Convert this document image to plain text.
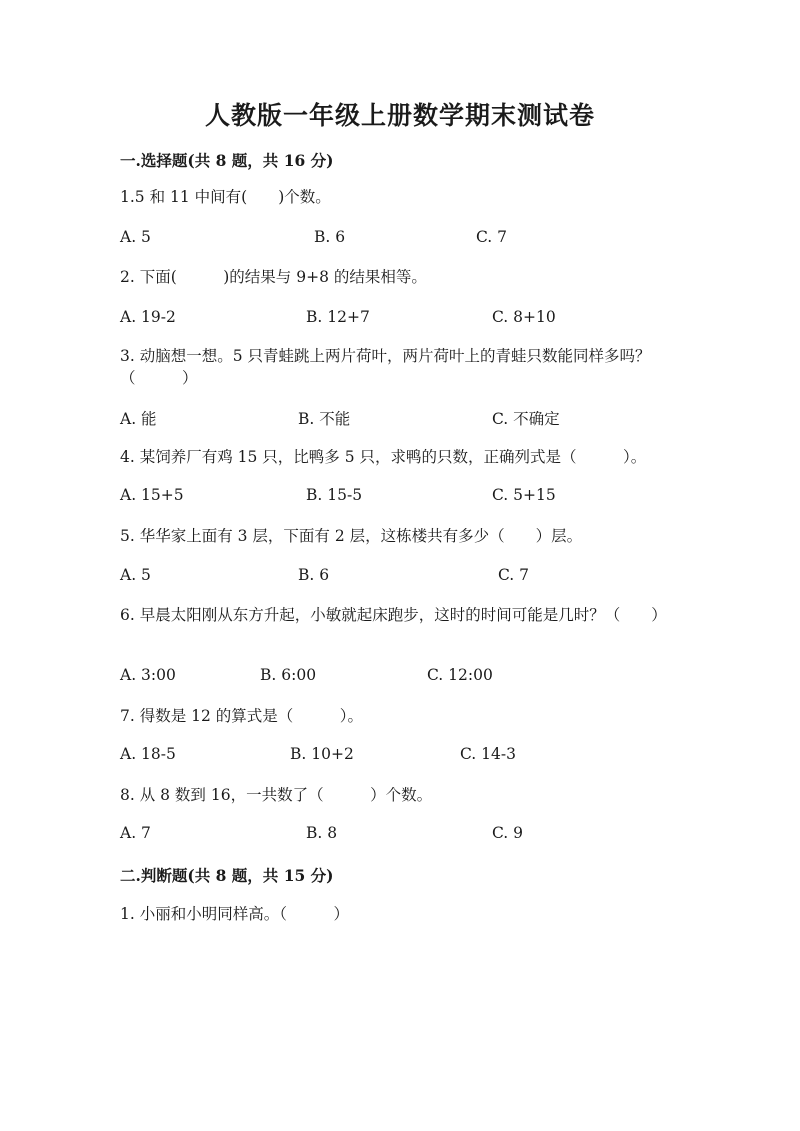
人教版一年级上册数学期末测试卷
一.选择题(共 8 题，共 16 分)
1.5 和 11 中间有(　　)个数。
A. 5	B. 6	C. 7
2. 下面(　　　)的结果与 9+8 的结果相等。
A. 19-2	B. 12+7	C. 8+10
3. 动脑想一想。5 只青蛙跳上两片荷叶，两片荷叶上的青蛙只数能同样多吗？（　　　）
A. 能	B. 不能	C. 不确定
4. 某饲养厂有鸡 15 只，比鸭多 5 只，求鸭的只数，正确列式是（　　　）。
A. 15+5	B. 15-5	C. 5+15
5. 华华家上面有 3 层，下面有 2 层，这栋楼共有多少（　　）层。
A. 5	B. 6	C. 7
6. 早晨太阳刚从东方升起，小敏就起床跑步，这时的时间可能是几时？（　　）
A. 3:00	B. 6:00	C. 12:00
7. 得数是 12 的算式是（　　　）。
A. 18-5	B. 10+2	C. 14-3
8. 从 8 数到 16，一共数了（　　　）个数。
A. 7	B. 8	C. 9
二.判断题(共 8 题，共 15 分)
1. 小丽和小明同样高。（　　　）
